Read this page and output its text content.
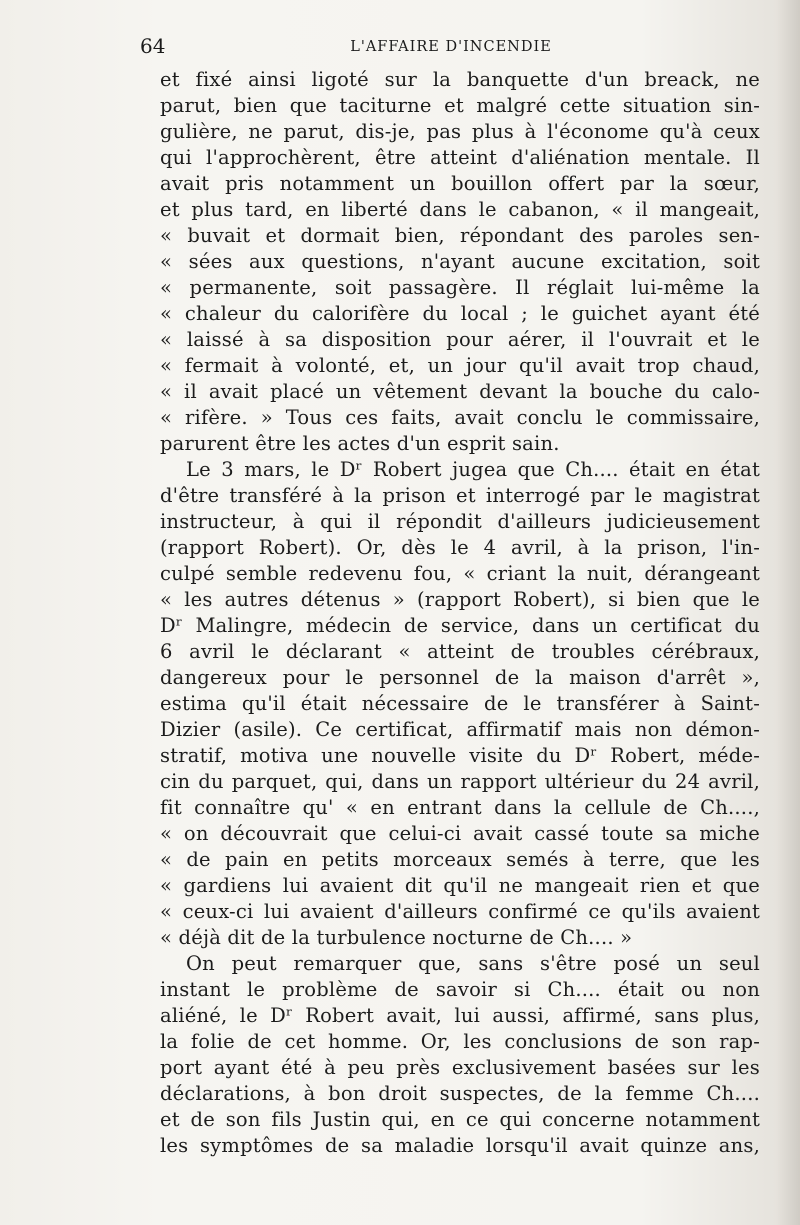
64	L'AFFAIRE D'INCENDIE
et fixé ainsi ligoté sur la banquette d'un breack, ne
parut, bien que taciturne et malgré cette situation sin-
gulière, ne parut, dis-je, pas plus à l'économe qu'à ceux
qui l'approchèrent, être atteint d'aliénation mentale. Il
avait pris notamment un bouillon offert par la sœur,
et plus tard, en liberté dans le cabanon, « il mangeait,
« buvait et dormait bien, répondant des paroles sen-
« sées aux questions, n'ayant aucune excitation, soit
« permanente, soit passagère. Il réglait lui-même la
« chaleur du calorifère du local ; le guichet ayant été
« laissé à sa disposition pour aérer, il l'ouvrait et le
« fermait à volonté, et, un jour qu'il avait trop chaud,
« il avait placé un vêtement devant la bouche du calo-
« rifère. » Tous ces faits, avait conclu le commissaire,
parurent être les actes d'un esprit sain.
Le 3 mars, le Dʳ Robert jugea que Ch.... était en état
d'être transféré à la prison et interrogé par le magistrat
instructeur, à qui il répondit d'ailleurs judicieusement
(rapport Robert). Or, dès le 4 avril, à la prison, l'in-
culpé semble redevenu fou, « criant la nuit, dérangeant
« les autres détenus » (rapport Robert), si bien que le
Dʳ Malingre, médecin de service, dans un certificat du
6 avril le déclarant « atteint de troubles cérébraux,
dangereux pour le personnel de la maison d'arrêt »,
estima qu'il était nécessaire de le transférer à Saint-
Dizier (asile). Ce certificat, affirmatif mais non démon-
stratif, motiva une nouvelle visite du Dʳ Robert, méde-
cin du parquet, qui, dans un rapport ultérieur du 24 avril,
fit connaître qu' « en entrant dans la cellule de Ch....,
« on découvrait que celui-ci avait cassé toute sa miche
« de pain en petits morceaux semés à terre, que les
« gardiens lui avaient dit qu'il ne mangeait rien et que
« ceux-ci lui avaient d'ailleurs confirmé ce qu'ils avaient
« déjà dit de la turbulence nocturne de Ch.... »
On peut remarquer que, sans s'être posé un seul
instant le problème de savoir si Ch.... était ou non
aliéné, le Dʳ Robert avait, lui aussi, affirmé, sans plus,
la folie de cet homme. Or, les conclusions de son rap-
port ayant été à peu près exclusivement basées sur les
déclarations, à bon droit suspectes, de la femme Ch....
et de son fils Justin qui, en ce qui concerne notamment
les symptômes de sa maladie lorsqu'il avait quinze ans,
